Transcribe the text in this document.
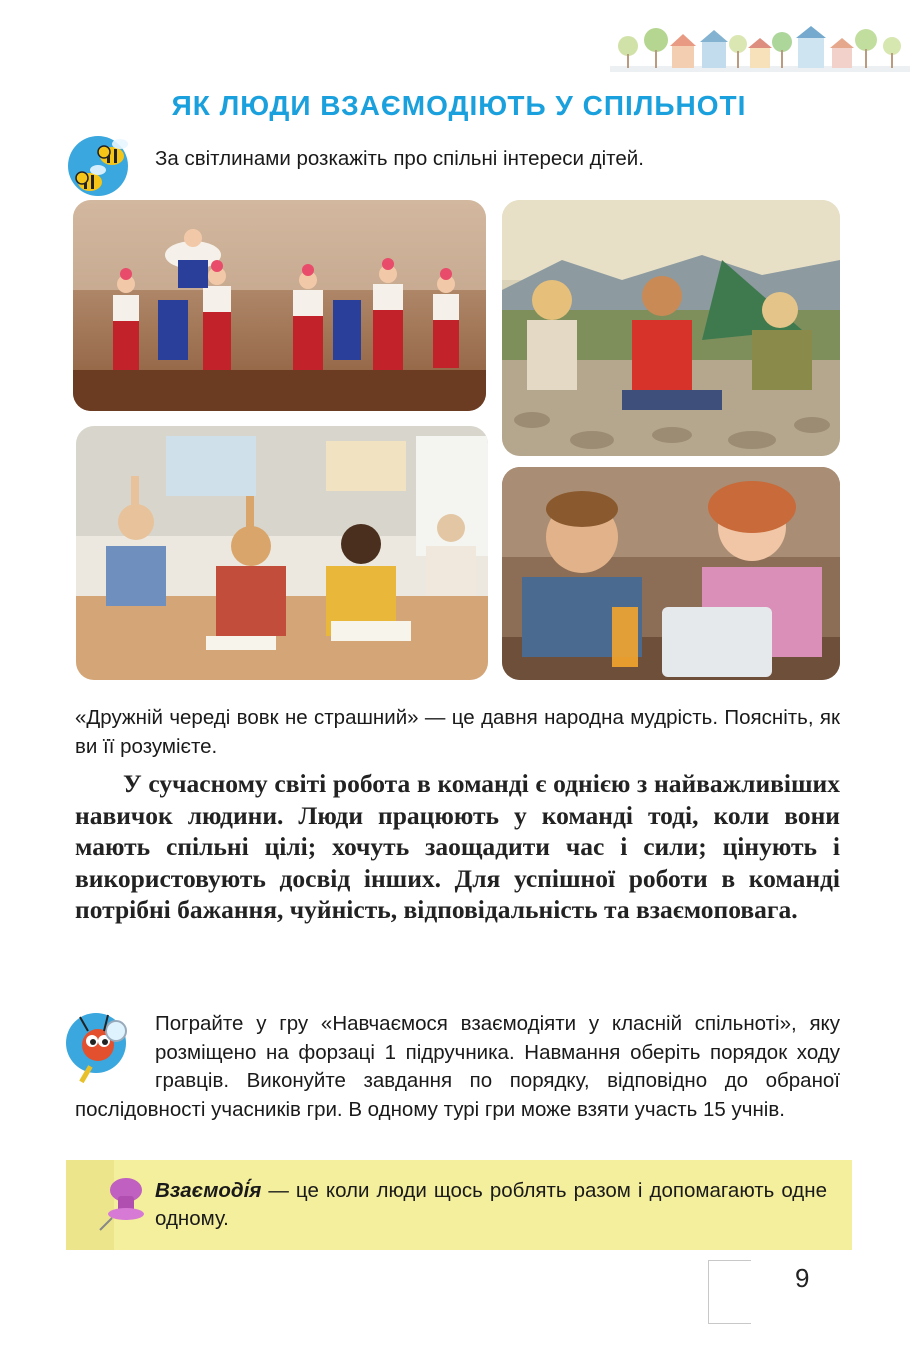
ЯК ЛЮДИ ВЗАЄМОДІЮТЬ У СПІЛЬНОТІ
За світлинами розкажіть про спільні інтереси дітей.
«Дружній череді вовк не страшний» — це давня народна мудрість. Поясніть, як ви її розумієте.

У сучасному світі робота в команді є однією з найважливіших навичок людини. Люди працюють у команді тоді, коли вони мають спільні цілі; хочуть заощадити час і сили; цінують і використовують досвід інших. Для успішної роботи в команді потрібні бажання, чуйність, відповідальність та взаємоповага.

Пограйте у гру «Навчаємося взаємодіяти у класній спільноті», яку розміщено на форзаці 1 підручника. Навмання оберіть порядок ходу гравців. Виконуйте завдання по порядку, відповідно до обраної послідовності учасників гри. В одному турі гри може взяти участь 15 учнів.
Взаємоді́я — це коли люди щось роблять разом і допомагають одне одному.
9
